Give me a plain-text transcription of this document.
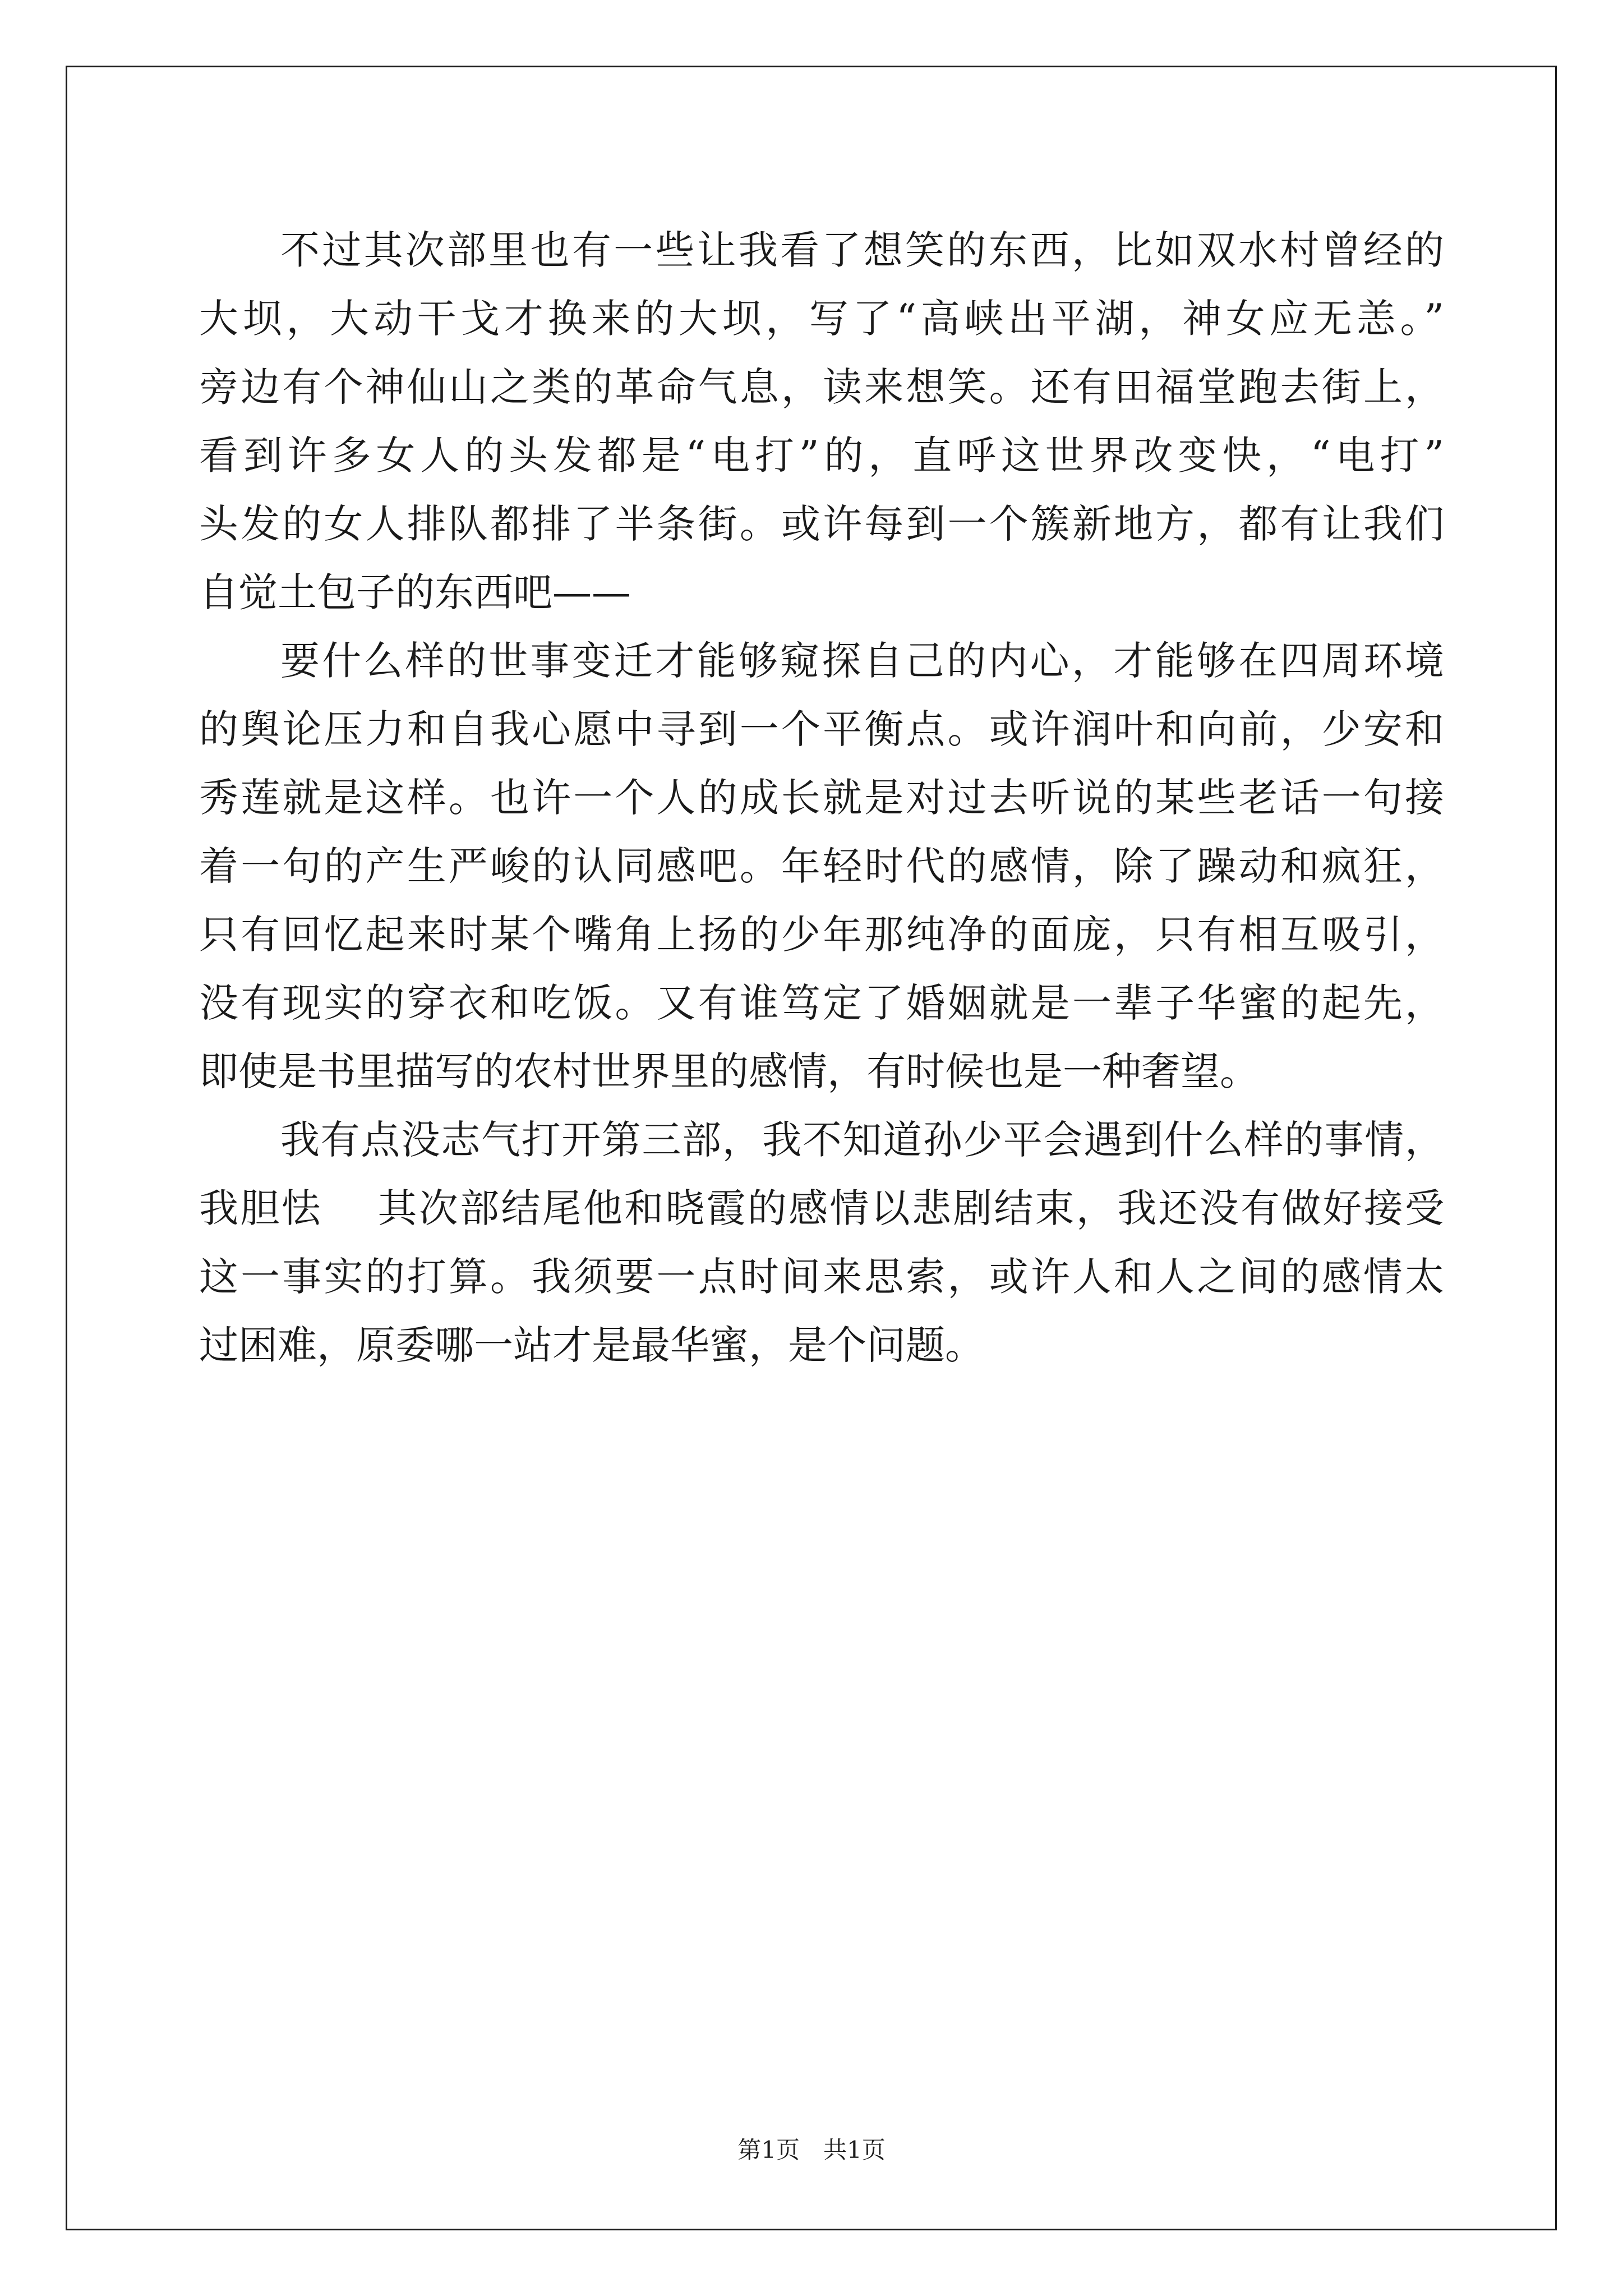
不过其次部里也有一些让我看了想笑的东西，比如双水村曾经的
大坝，大动干戈才换来的大坝，写了“高峡出平湖，神女应无恙。”
旁边有个神仙山之类的革命气息，读来想笑。还有田福堂跑去街上，
看到许多女人的头发都是“电打”的，直呼这世界改变快，“电打”
头发的女人排队都排了半条街。或许每到一个簇新地方，都有让我们
自觉土包子的东西吧——
要什么样的世事变迁才能够窥探自己的内心，才能够在四周环境
的舆论压力和自我心愿中寻到一个平衡点。或许润叶和向前，少安和
秀莲就是这样。也许一个人的成长就是对过去听说的某些老话一句接
着一句的产生严峻的认同感吧。年轻时代的感情，除了躁动和疯狂，
只有回忆起来时某个嘴角上扬的少年那纯净的面庞，只有相互吸引，
没有现实的穿衣和吃饭。又有谁笃定了婚姻就是一辈子华蜜的起先，
即使是书里描写的农村世界里的感情，有时候也是一种奢望。
我有点没志气打开第三部，我不知道孙少平会遇到什么样的事情，
我胆怯　 其次部结尾他和晓霞的感情以悲剧结束，我还没有做好接受
这一事实的打算。我须要一点时间来思索，或许人和人之间的感情太
过困难，原委哪一站才是最华蜜，是个问题。
第1页　共1页
